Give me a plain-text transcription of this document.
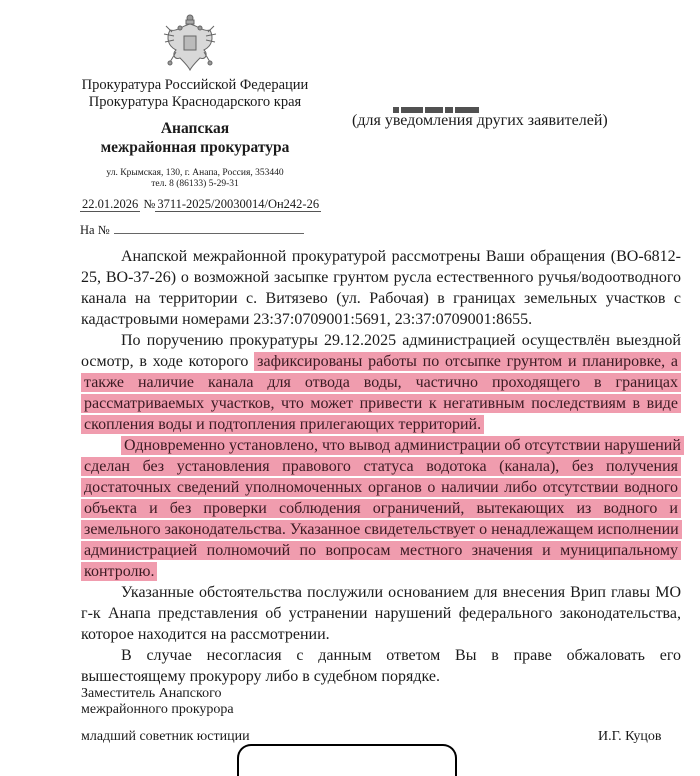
Прокуратура Российской Федерации
Прокуратура Краснодарского края
Анапская
межрайонная прокуратура
ул. Крымская, 130, г. Анапа, Россия, 353440
тел. 8 (86133) 5-29-31
22.01.2026 № 3711-2025/20030014/Он242-26
На №
(для уведомления других заявителей)

Анапской межрайонной прокуратурой рассмотрены Ваши обращения (ВО-6812-25, ВО-37-26) о возможной засыпке грунтом русла естественного ручья/водоотводного канала на территории с. Витязево (ул. Рабочая) в границах земельных участков с кадастровыми номерами 23:37:0709001:5691, 23:37:0709001:8655.

По поручению прокуратуры 29.12.2025 администрацией осуществлён выездной осмотр, в ходе которого зафиксированы работы по отсыпке грунтом и планировке, а также наличие канала для отвода воды, частично проходящего в границах рассматриваемых участков, что может привести к негативным последствиям в виде скопления воды и подтопления прилегающих территорий.

Одновременно установлено, что вывод администрации об отсутствии нарушений сделан без установления правового статуса водотока (канала), без получения достаточных сведений уполномоченных органов о наличии либо отсутствии водного объекта и без проверки соблюдения ограничений, вытекающих из водного и земельного законодательства. Указанное свидетельствует о ненадлежащем исполнении администрацией полномочий по вопросам местного значения и муниципальному контролю.

Указанные обстоятельства послужили основанием для внесения Врип главы МО г-к Анапа представления об устранении нарушений федерального законодательства, которое находится на рассмотрении.

В случае несогласия с данным ответом Вы в праве обжаловать его вышестоящему прокурору либо в судебном порядке.

Заместитель Анапского
межрайонного прокурора
младший советник юстиции	И.Г. Куцов
